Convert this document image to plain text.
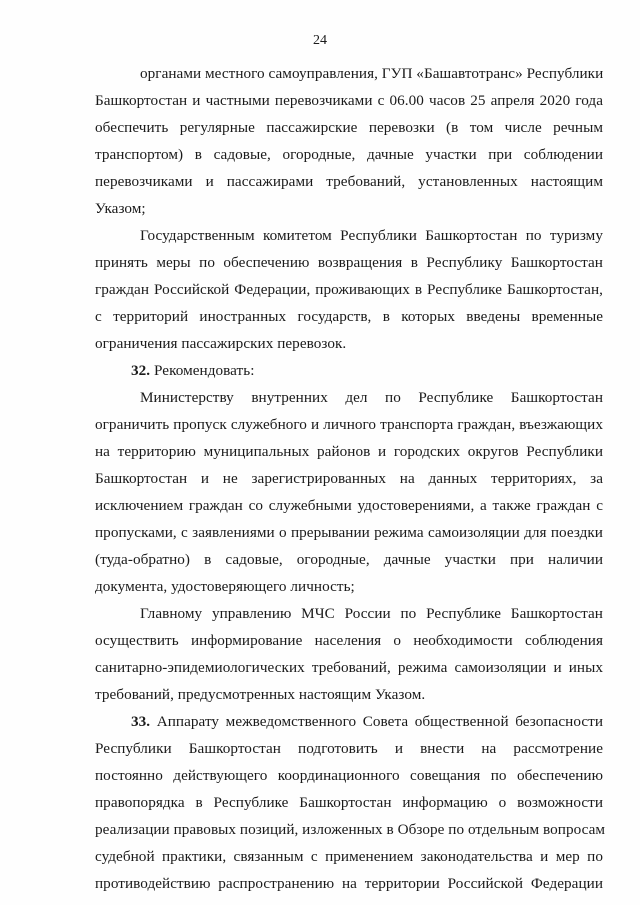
24
органами местного самоуправления, ГУП «Башавтотранс» Республики
Башкортостан и частными перевозчиками с 06.00 часов 25 апреля 2020 года
обеспечить регулярные пассажирские перевозки (в том числе речным
транспортом) в садовые, огородные, дачные участки при соблюдении
перевозчиками и пассажирами требований, установленных настоящим
Указом;
Государственным комитетом Республики Башкортостан по туризму
принять меры по обеспечению возвращения в Республику Башкортостан
граждан Российской Федерации, проживающих в Республике Башкортостан,
с территорий иностранных государств, в которых введены временные
ограничения пассажирских перевозок.
32. Рекомендовать:
Министерству внутренних дел по Республике Башкортостан
ограничить пропуск служебного и личного транспорта граждан, въезжающих
на территорию муниципальных районов и городских округов Республики
Башкортостан и не зарегистрированных на данных территориях, за
исключением граждан со служебными удостоверениями, а также граждан с
пропусками, с заявлениями о прерывании режима самоизоляции для поездки
(туда-обратно) в садовые, огородные, дачные участки при наличии
документа, удостоверяющего личность;
Главному управлению МЧС России по Республике Башкортостан
осуществить информирование населения о необходимости соблюдения
санитарно-эпидемиологических требований, режима самоизоляции и иных
требований, предусмотренных настоящим Указом.
33. Аппарату межведомственного Совета общественной безопасности
Республики Башкортостан подготовить и внести на рассмотрение
постоянно действующего координационного совещания по обеспечению
правопорядка в Республике Башкортостан информацию о возможности
реализации правовых позиций, изложенных в Обзоре по отдельным вопросам
судебной практики, связанным с применением законодательства и мер по
противодействию распространению на территории Российской Федерации
